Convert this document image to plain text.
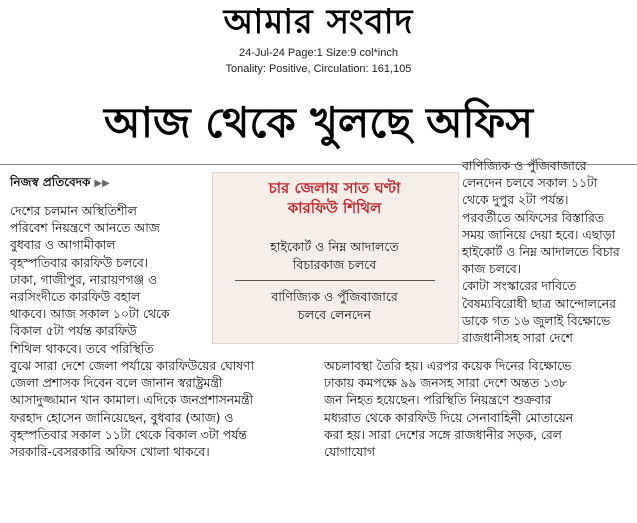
আমার সংবাদ
24-Jul-24 Page:1 Size:9 col*inch
Tonality: Positive, Circulation: 161,105
আজ থেকে খুলছে অফিস
নিজস্ব প্রতিবেদক ▶▶
দেশের চলমান অস্থিতিশীল
পরিবেশ নিয়ন্ত্রণে আনতে আজ
বুধবার ও আগামীকাল
বৃহস্পতিবার কারফিউ চলবে।
ঢাকা, গাজীপুর, নারায়ণগঞ্জ ও
নরসিংদীতে কারফিউ বহাল
থাকবে। আজ সকাল ১০টা থেকে
বিকাল ৫টা পর্যন্ত কারফিউ
শিথিল থাকবে। তবে পরিস্থিতি
চার জেলায় সাত ঘণ্টা
কারফিউ শিথিল
হাইকোর্ট ও নিম্ন আদালতে
বিচারকাজ চলবে
বাণিজ্যিক ও পুঁজিবাজারে
চলবে লেনদেন
বাণিজ্যিক ও পুঁজিবাজারে
লেনদেন চলবে সকাল ১১টা
থেকে দুপুর ২টা পর্যন্ত।
পরবর্তীতে অফিসের বিস্তারিত
সময় জানিয়ে দেয়া হবে। এছাড়া
হাইকোর্ট ও নিম্ন আদালতে বিচার
কাজ চলবে।
কোটা সংস্কারের দাবিতে
বৈষম্যবিরোধী ছাত্র আন্দোলনের
ডাকে গত ১৬ জুলাই বিক্ষোভে
রাজধানীসহ সারা দেশে
বুঝে সারা দেশে জেলা পর্যায়ে কারফিউয়ের ঘোষণা
জেলা প্রশাসক দিবেন বলে জানান স্বরাষ্ট্রমন্ত্রী
আসাদুজ্জামান খান কামাল। এদিকে জনপ্রশাসনমন্ত্রী
ফরহাদ হোসেন জানিয়েছেন, বুধবার (আজ) ও
বৃহস্পতিবার সকাল ১১টা থেকে বিকাল ৩টা পর্যন্ত
সরকারি-বেসরকারি অফিস খোলা থাকবে।
অচলাবস্থা তৈরি হয়। এরপর কয়েক দিনের বিক্ষোভে
ঢাকায় কমপক্ষে ৯৯ জনসহ সারা দেশে অন্তত ১৩৮
জন নিহত হয়েছেন। পরিস্থিতি নিয়ন্ত্রণে শুক্রবার
মধ্যরাত থেকে কারফিউ দিয়ে সেনাবাহিনী মোতায়েন
করা হয়। সারা দেশের সঙ্গে রাজধানীর সড়ক, রেল
যোগাযোগ
